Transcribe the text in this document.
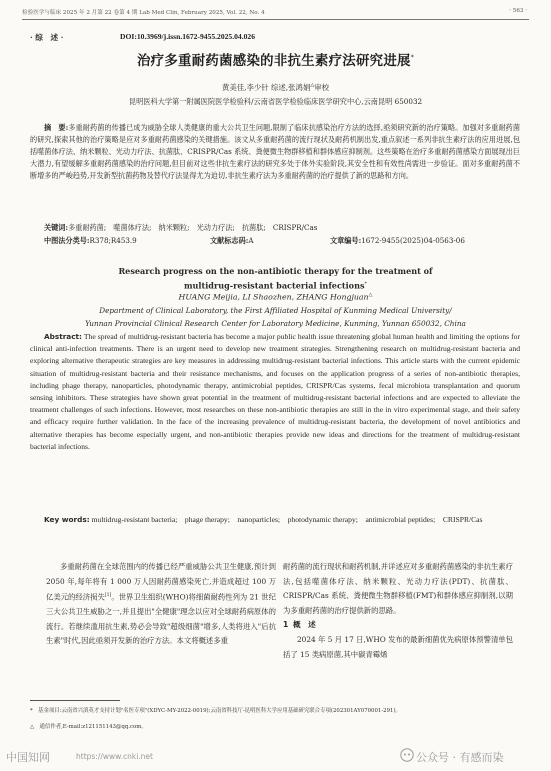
检验医学与临床 2025 年 2 月第 22 卷第 4 期 Lab Med Clin, February 2025, Vol. 22, No. 4	· 563 ·
· 综　述 ·	DOI:10.3969/j.issn.1672-9455.2025.04.026
治疗多重耐药菌感染的非抗生素疗法研究进展*
黄美佳,李少针 综述,张鸿娟△审校
昆明医科大学第一附属医院医学检验科/云南省医学检验临床医学研究中心,云南昆明 650032

摘　要:多重耐药菌的传播已成为威胁全球人类健康的重大公共卫生问题,限制了临床抗感染治疗方法的选择,亟须研究新的治疗策略。加强对多重耐药菌的研究,探索其他的治疗策略是应对多重耐药菌感染的关键措施。该文从多重耐药菌的流行现状及耐药机制出发,重点叙述一系列非抗生素疗法的应用进展,包括噬菌体疗法、纳米颗粒、光动力疗法、抗菌肽、CRISPR/Cas 系统、粪便微生物群移植和群体感应抑制剂。这些策略在治疗多重耐药菌感染方面展现出巨大潜力,有望缓解多重耐药菌感染的治疗问题,但目前对这些非抗生素疗法的研究多处于体外实验阶段,其安全性和有效性尚需进一步验证。面对多重耐药菌不断增多的严峻趋势,开发新型抗菌药物及替代疗法显得尤为迫切,非抗生素疗法为多重耐药菌的治疗提供了新的思路和方向。

关键词:多重耐药菌;　噬菌体疗法;　纳米颗粒;　光动力疗法;　抗菌肽;　CRISPR/Cas

中图法分类号:R378;R453.9	文献标志码:A	文章编号:1672-9455(2025)04-0563-06
Research progress on the non-antibiotic therapy for the treatment of
multidrug-resistant bacterial infections*
HUANG Meijia, LI Shaozhen, ZHANG Hongjuan△
Department of Clinical Laboratory, the First Affiliated Hospital of Kunming Medical University/
Yunnan Provincial Clinical Research Center for Laboratory Medicine, Kunming, Yunnan 650032, China

Abstract: The spread of multidrug-resistant bacteria has become a major public health issue threatening global human health and limiting the options for clinical anti-infection treatments. There is an urgent need to develop new treatment strategies. Strengthening research on multidrug-resistant bacteria and exploring alternative therapeutic strategies are key measures in addressing multidrug-resistant bacterial infections. This article starts with the current epidemic situation of multidrug-resistant bacteria and their resistance mechanisms, and focuses on the application progress of a series of non-antibiotic therapies, including phage therapy, nanoparticles, photodynamic therapy, antimicrobial peptides, CRISPR/Cas systems, fecal microbiota transplantation and quorum sensing inhibitors. These strategies have shown great potential in the treatment of multidrug-resistant bacterial infections and are expected to alleviate the treatment challenges of such infections. However, most researches on these non-antibiotic therapies are still in the in vitro experimental stage, and their safety and efficacy require further validation. In the face of the increasing prevalence of multidrug-resistant bacteria, the development of novel antibiotics and alternative therapies has become especially urgent, and non-antibiotic therapies provide new ideas and directions for the treatment of multidrug-resistant bacterial infections.

Key words: multidrug-resistant bacteria;　phage therapy;　nanoparticles;　photodynamic therapy;　antimicrobial peptides;　CRISPR/Cas

多重耐药菌在全球范围内的传播已经严重威胁公共卫生健康,预计到 2050 年,每年将有 1 000 万人因耐药菌感染死亡,并造成超过 100 万亿美元的经济损失[1]。世界卫生组织(WHO)将细菌耐药性列为 21 世纪三大公共卫生威胁之一,并且提出"全健康"理念以应对全球耐药病原体的流行。若继续滥用抗生素,势必会导致"超级细菌"增多,人类将进入"后抗生素"时代,因此亟须开发新的治疗方法。本文将概述多重

耐药菌的流行现状和耐药机制,并详述应对多重耐药菌感染的非抗生素疗法,包括噬菌体疗法、纳米颗粒、光动力疗法(PDT)、抗菌肽、CRISPR/Cas 系统、粪便微生物群移植(FMT)和群体感应抑制剂,以期为多重耐药菌的治疗提供新的思路。
1 概　述
2024 年 5 月 17 日,WHO 发布的最新细菌优先病原体预警清单包括了 15 类病原菌,其中碳青霉烯
*　基金项目:云南省兴滇英才支持计划"名医专项"(XDYC-MY-2022-0019);云南省科技厅-昆明医科大学应用基础研究联合专项(202301AY070001-291)。
△　通信作者,E-mail:z121151143@qq.com。
中国知网	https://www.cnki.net	公众号 · 有感而染
